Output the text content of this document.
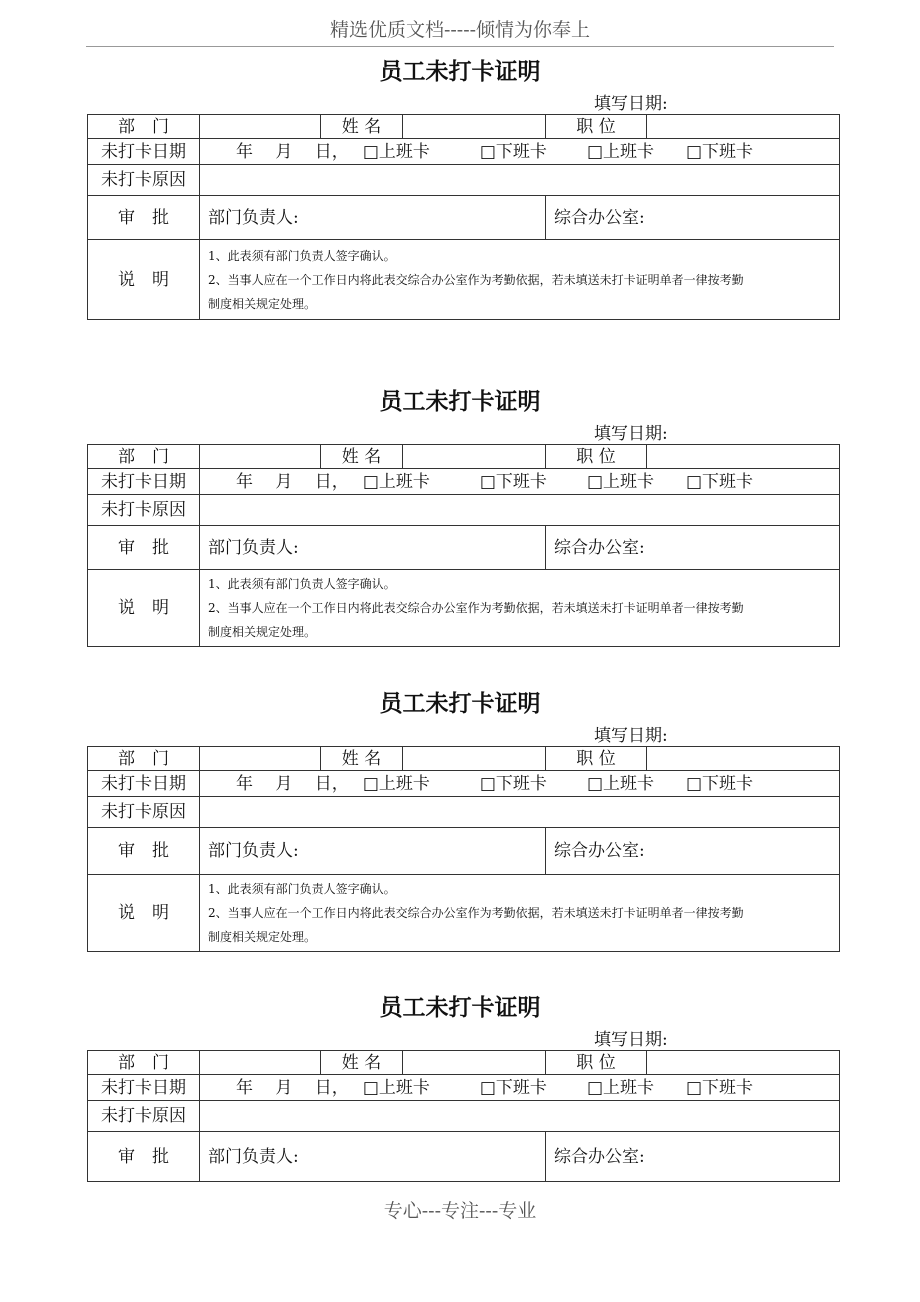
精选优质文档-----倾情为你奉上
员工未打卡证明
填写日期:
部　门		姓 名		职 位	
未打卡日期	年　 月　 日， □上班卡 □下班卡 □上班卡 □下班卡				
未打卡原因					
审　批	部门负责人:			综合办公室:	
说　明	1、此表须有部门负责人签字确认。

2、当事人应在一个工作日内将此表交综合办公室作为考勤依据，若未填送未打卡证明单者一律按考勤

制度相关规定处理。				

员工未打卡证明
填写日期:
部　门		姓 名		职 位	
未打卡日期	年　 月　 日， □上班卡 □下班卡 □上班卡 □下班卡				
未打卡原因					
审　批	部门负责人:			综合办公室:	
说　明	1、此表须有部门负责人签字确认。

2、当事人应在一个工作日内将此表交综合办公室作为考勤依据，若未填送未打卡证明单者一律按考勤

制度相关规定处理。				

员工未打卡证明
填写日期:
部　门		姓 名		职 位	
未打卡日期	年　 月　 日， □上班卡 □下班卡 □上班卡 □下班卡				
未打卡原因					
审　批	部门负责人:			综合办公室:	
说　明	1、此表须有部门负责人签字确认。

2、当事人应在一个工作日内将此表交综合办公室作为考勤依据，若未填送未打卡证明单者一律按考勤

制度相关规定处理。				

员工未打卡证明
填写日期:
部　门		姓 名		职 位	
未打卡日期	年　 月　 日， □上班卡 □下班卡 □上班卡 □下班卡				
未打卡原因					
审　批	部门负责人:			综合办公室:	
专心---专注---专业
